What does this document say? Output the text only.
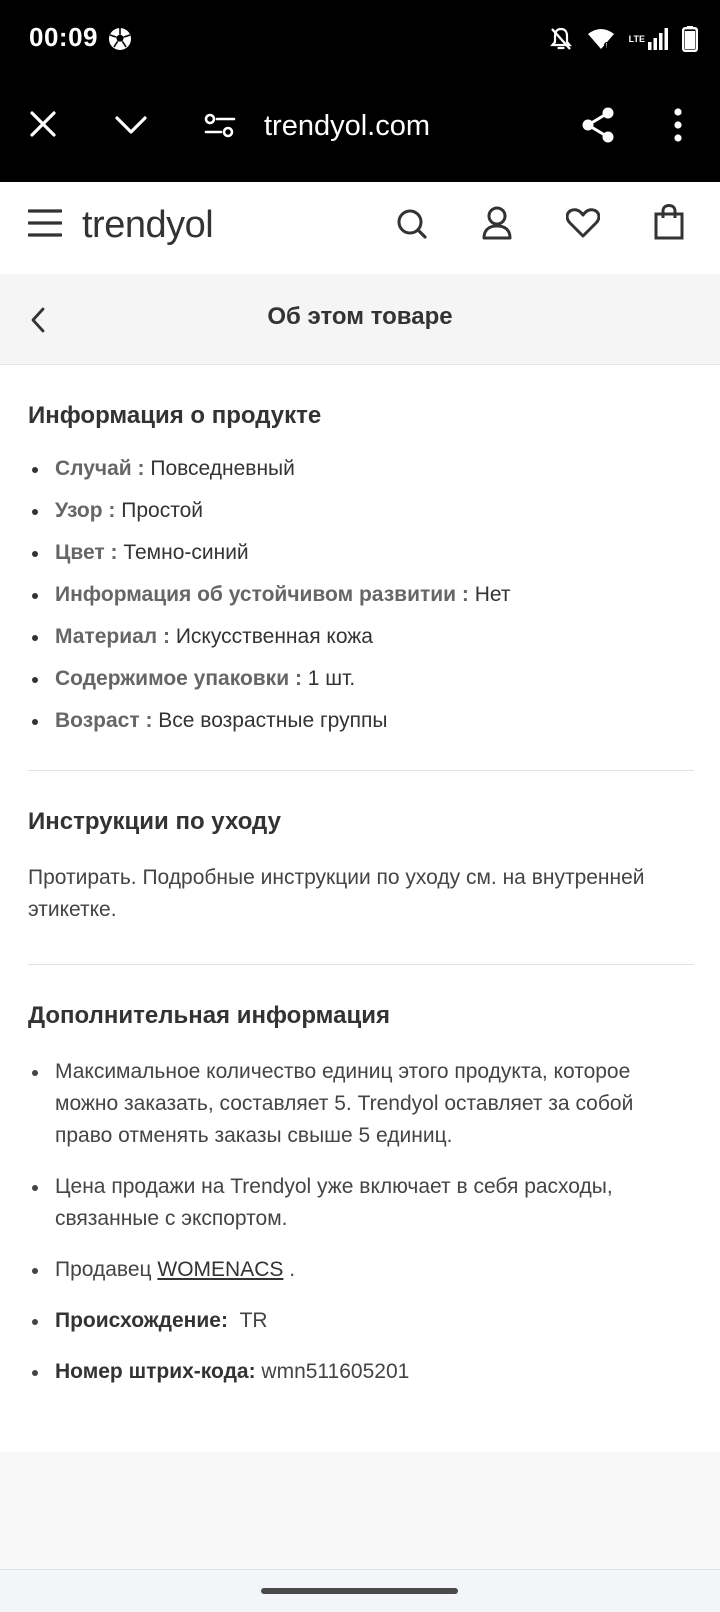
00:09	!
LTE
trendyol.com
trendyol
Об этом товаре
Информация о продукте
Случай : Повседневный
Узор : Простой
Цвет : Темно-синий
Информация об устойчивом развитии : Нет
Материал : Искусственная кожа
Содержимое упаковки : 1 шт.
Возраст : Все возрастные группы
Инструкции по уходу

Протирать. Подробные инструкции по уходу см. на внутренней этикетке.

Дополнительная информация
Максимальное количество единиц этого продукта, которое можно заказать, составляет 5. Trendyol оставляет за собой право отменять заказы свыше 5 единиц.
Цена продажи на Trendyol уже включает в себя расходы, связанные с экспортом.
Продавец WOMENACS .
Происхождение:  TR
Номер штрих-кода: wmn511605201
